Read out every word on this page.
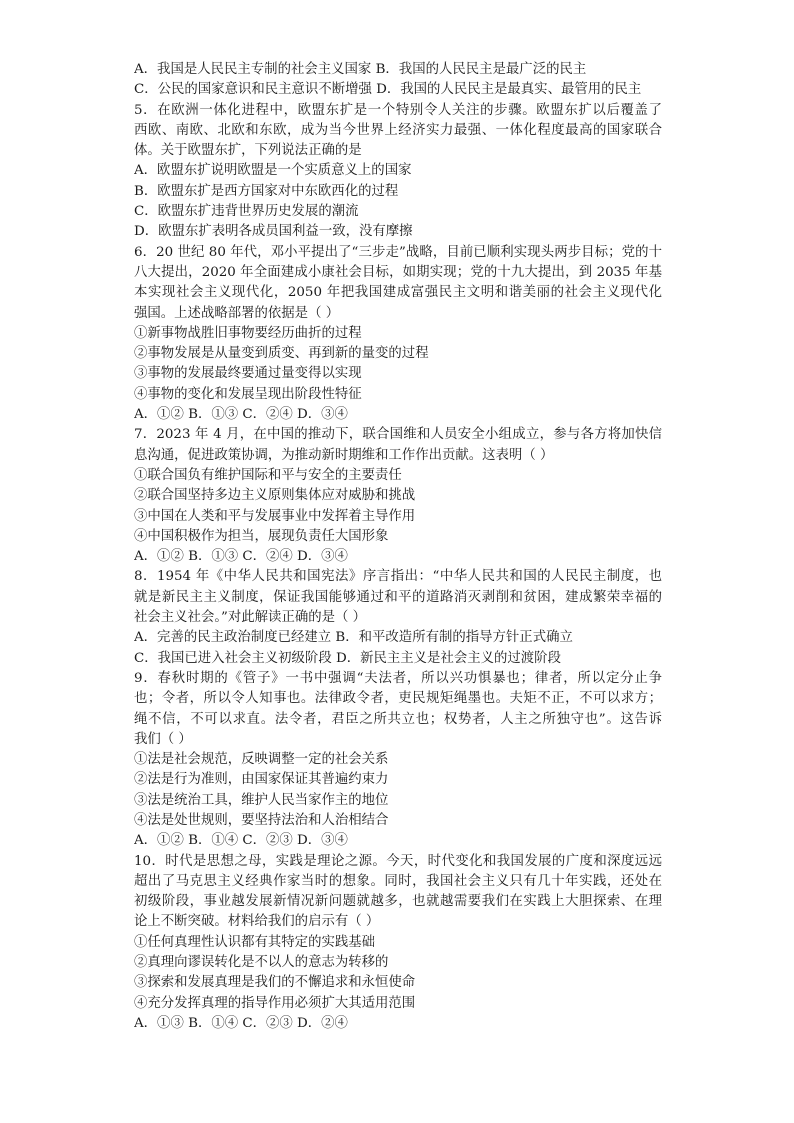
A．我国是人民民主专制的社会主义国家 B．我国的人民民主是最广泛的民主
C．公民的国家意识和民主意识不断增强 D．我国的人民民主是最真实、最管用的民主
5．在欧洲一体化进程中，欧盟东扩是一个特别令人关注的步骤。欧盟东扩以后覆盖了
西欧、南欧、北欧和东欧，成为当今世界上经济实力最强、一体化程度最高的国家联合
体。关于欧盟东扩，下列说法正确的是
A．欧盟东扩说明欧盟是一个实质意义上的国家
B．欧盟东扩是西方国家对中东欧西化的过程
C．欧盟东扩违背世界历史发展的潮流
D．欧盟东扩表明各成员国利益一致，没有摩擦
6．20 世纪 80 年代，邓小平提出了“三步走”战略，目前已顺利实现头两步目标；党的十
八大提出，2020 年全面建成小康社会目标，如期实现；党的十九大提出，到 2035 年基
本实现社会主义现代化，2050 年把我国建成富强民主文明和谐美丽的社会主义现代化
强国。上述战略部署的依据是（ ）
①新事物战胜旧事物要经历曲折的过程
②事物发展是从量变到质变、再到新的量变的过程
③事物的发展最终要通过量变得以实现
④事物的变化和发展呈现出阶段性特征
A．①② B．①③ C．②④ D．③④
7．2023 年 4 月，在中国的推动下，联合国维和人员安全小组成立，参与各方将加快信
息沟通，促进政策协调，为推动新时期维和工作作出贡献。这表明（ ）
①联合国负有维护国际和平与安全的主要责任
②联合国坚持多边主义原则集体应对威胁和挑战
③中国在人类和平与发展事业中发挥着主导作用
④中国积极作为担当，展现负责任大国形象
A．①② B．①③ C．②④ D．③④
8．1954 年《中华人民共和国宪法》序言指出：“中华人民共和国的人民民主制度，也
就是新民主主义制度，保证我国能够通过和平的道路消灭剥削和贫困，建成繁荣幸福的
社会主义社会。”对此解读正确的是（ ）
A．完善的民主政治制度已经建立 B．和平改造所有制的指导方针正式确立
C．我国已进入社会主义初级阶段 D．新民主主义是社会主义的过渡阶段
9．春秋时期的《管子》一书中强调“夫法者，所以兴功惧暴也；律者，所以定分止争
也；令者，所以令人知事也。法律政令者，吏民规矩绳墨也。夫矩不正，不可以求方；
绳不信，不可以求直。法令者，君臣之所共立也；权势者，人主之所独守也”。这告诉
我们（ ）
①法是社会规范，反映调整一定的社会关系
②法是行为准则，由国家保证其普遍约束力
③法是统治工具，维护人民当家作主的地位
④法是处世规则，要坚持法治和人治相结合
A．①② B．①④ C．②③ D．③④
10．时代是思想之母，实践是理论之源。今天，时代变化和我国发展的广度和深度远远
超出了马克思主义经典作家当时的想象。同时，我国社会主义只有几十年实践，还处在
初级阶段，事业越发展新情况新问题就越多，也就越需要我们在实践上大胆探索、在理
论上不断突破。材料给我们的启示有（ ）
①任何真理性认识都有其特定的实践基础
②真理向谬误转化是不以人的意志为转移的
③探索和发展真理是我们的不懈追求和永恒使命
④充分发挥真理的指导作用必须扩大其适用范围
A．①③ B．①④ C．②③ D．②④
